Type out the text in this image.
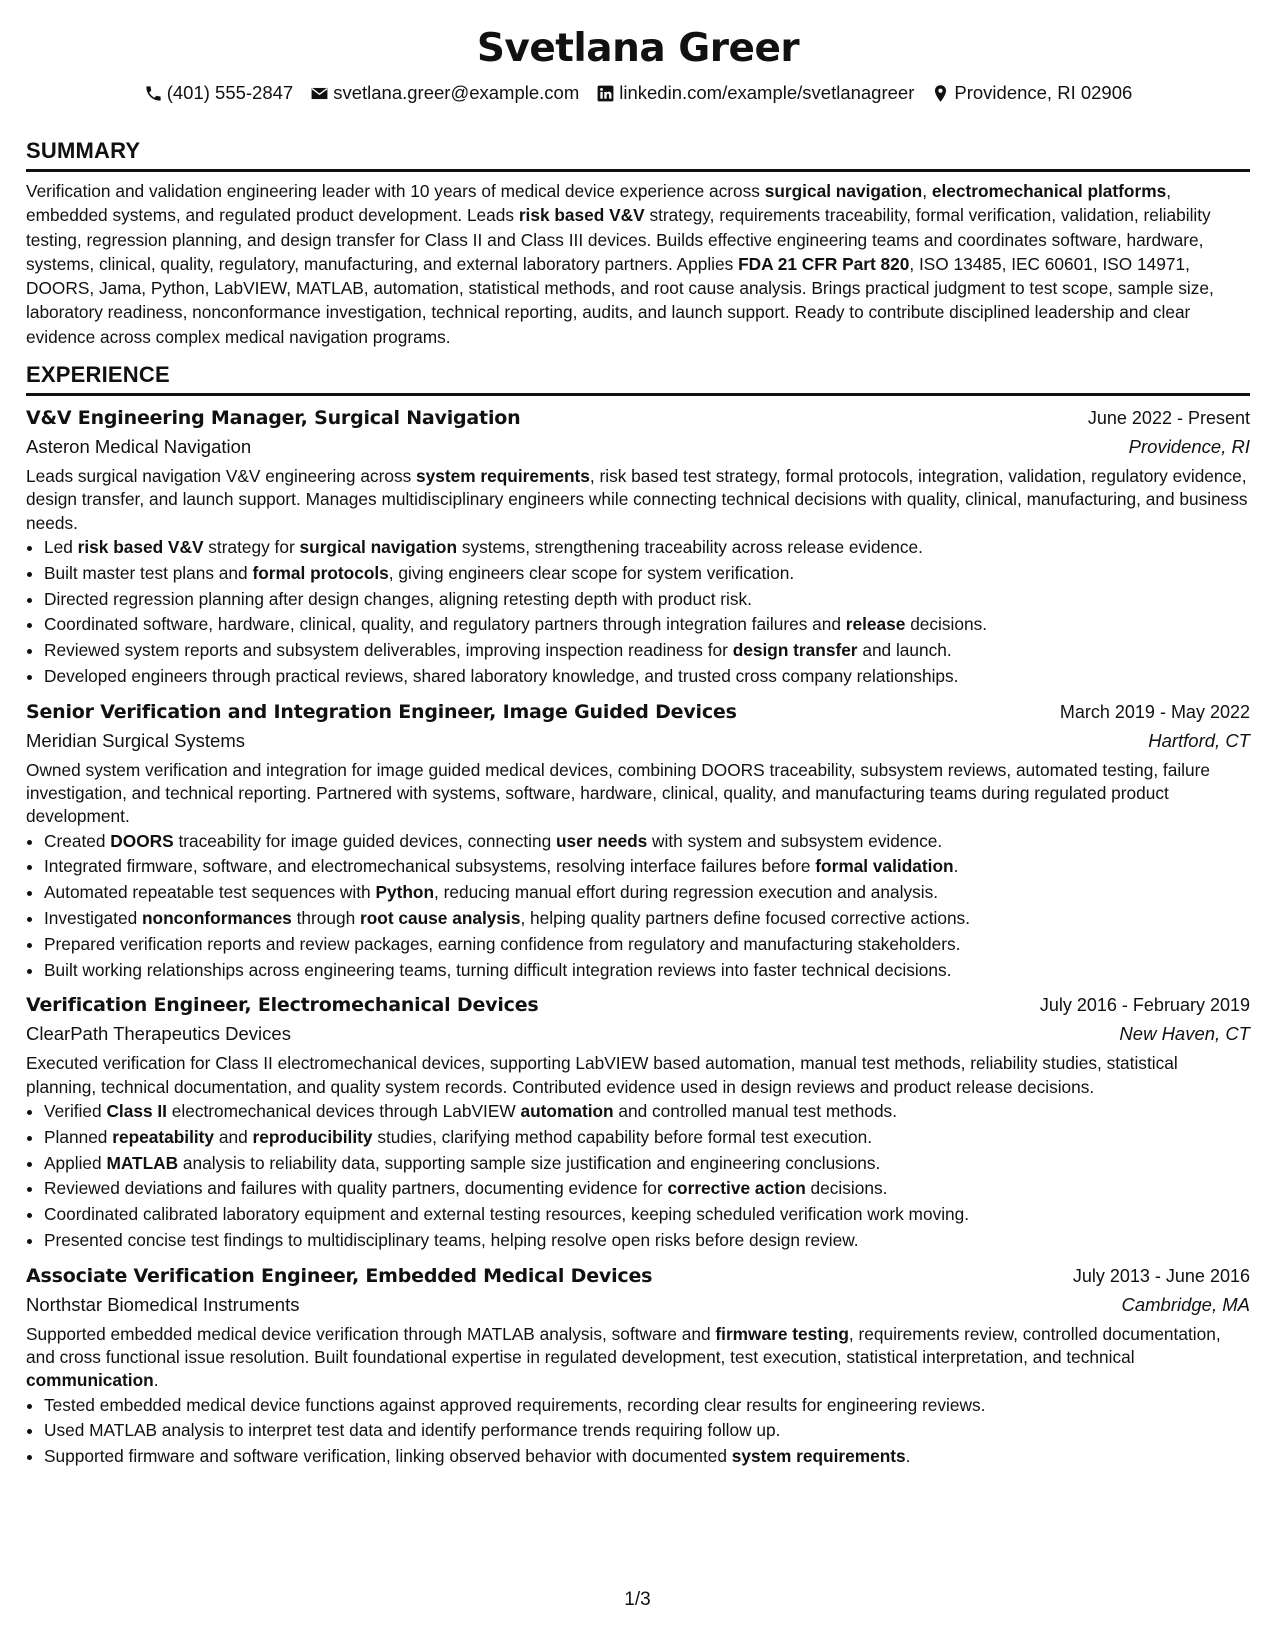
Svetlana Greer
(401) 555-2847 svetlana.greer@example.com linkedin.com/example/svetlanagreer Providence, RI 02906
SUMMARY
Verification and validation engineering leader with 10 years of medical device experience across surgical navigation, electromechanical platforms, embedded systems, and regulated product development. Leads risk based V&V strategy, requirements traceability, formal verification, validation, reliability testing, regression planning, and design transfer for Class II and Class III devices. Builds effective engineering teams and coordinates software, hardware, systems, clinical, quality, regulatory, manufacturing, and external laboratory partners. Applies FDA 21 CFR Part 820, ISO 13485, IEC 60601, ISO 14971, DOORS, Jama, Python, LabVIEW, MATLAB, automation, statistical methods, and root cause analysis. Brings practical judgment to test scope, sample size, laboratory readiness, nonconformance investigation, technical reporting, audits, and launch support. Ready to contribute disciplined leadership and clear evidence across complex medical navigation programs.
EXPERIENCE
V&V Engineering Manager, Surgical Navigation	June 2022 - Present
Asteron Medical Navigation	Providence, RI
Leads surgical navigation V&V engineering across system requirements, risk based test strategy, formal protocols, integration, validation, regulatory evidence, design transfer, and launch support. Manages multidisciplinary engineers while connecting technical decisions with quality, clinical, manufacturing, and business needs.
• Led risk based V&V strategy for surgical navigation systems, strengthening traceability across release evidence.
• Built master test plans and formal protocols, giving engineers clear scope for system verification.
• Directed regression planning after design changes, aligning retesting depth with product risk.
• Coordinated software, hardware, clinical, quality, and regulatory partners through integration failures and release decisions.
• Reviewed system reports and subsystem deliverables, improving inspection readiness for design transfer and launch.
• Developed engineers through practical reviews, shared laboratory knowledge, and trusted cross company relationships.
Senior Verification and Integration Engineer, Image Guided Devices	March 2019 - May 2022
Meridian Surgical Systems	Hartford, CT
Owned system verification and integration for image guided medical devices, combining DOORS traceability, subsystem reviews, automated testing, failure investigation, and technical reporting. Partnered with systems, software, hardware, clinical, quality, and manufacturing teams during regulated product development.
• Created DOORS traceability for image guided devices, connecting user needs with system and subsystem evidence.
• Integrated firmware, software, and electromechanical subsystems, resolving interface failures before formal validation.
• Automated repeatable test sequences with Python, reducing manual effort during regression execution and analysis.
• Investigated nonconformances through root cause analysis, helping quality partners define focused corrective actions.
• Prepared verification reports and review packages, earning confidence from regulatory and manufacturing stakeholders.
• Built working relationships across engineering teams, turning difficult integration reviews into faster technical decisions.
Verification Engineer, Electromechanical Devices	July 2016 - February 2019
ClearPath Therapeutics Devices	New Haven, CT
Executed verification for Class II electromechanical devices, supporting LabVIEW based automation, manual test methods, reliability studies, statistical planning, technical documentation, and quality system records. Contributed evidence used in design reviews and product release decisions.
• Verified Class II electromechanical devices through LabVIEW automation and controlled manual test methods.
• Planned repeatability and reproducibility studies, clarifying method capability before formal test execution.
• Applied MATLAB analysis to reliability data, supporting sample size justification and engineering conclusions.
• Reviewed deviations and failures with quality partners, documenting evidence for corrective action decisions.
• Coordinated calibrated laboratory equipment and external testing resources, keeping scheduled verification work moving.
• Presented concise test findings to multidisciplinary teams, helping resolve open risks before design review.
Associate Verification Engineer, Embedded Medical Devices	July 2013 - June 2016
Northstar Biomedical Instruments	Cambridge, MA
Supported embedded medical device verification through MATLAB analysis, software and firmware testing, requirements review, controlled documentation, and cross functional issue resolution. Built foundational expertise in regulated development, test execution, statistical interpretation, and technical communication.
• Tested embedded medical device functions against approved requirements, recording clear results for engineering reviews.
• Used MATLAB analysis to interpret test data and identify performance trends requiring follow up.
• Supported firmware and software verification, linking observed behavior with documented system requirements.
1/3
